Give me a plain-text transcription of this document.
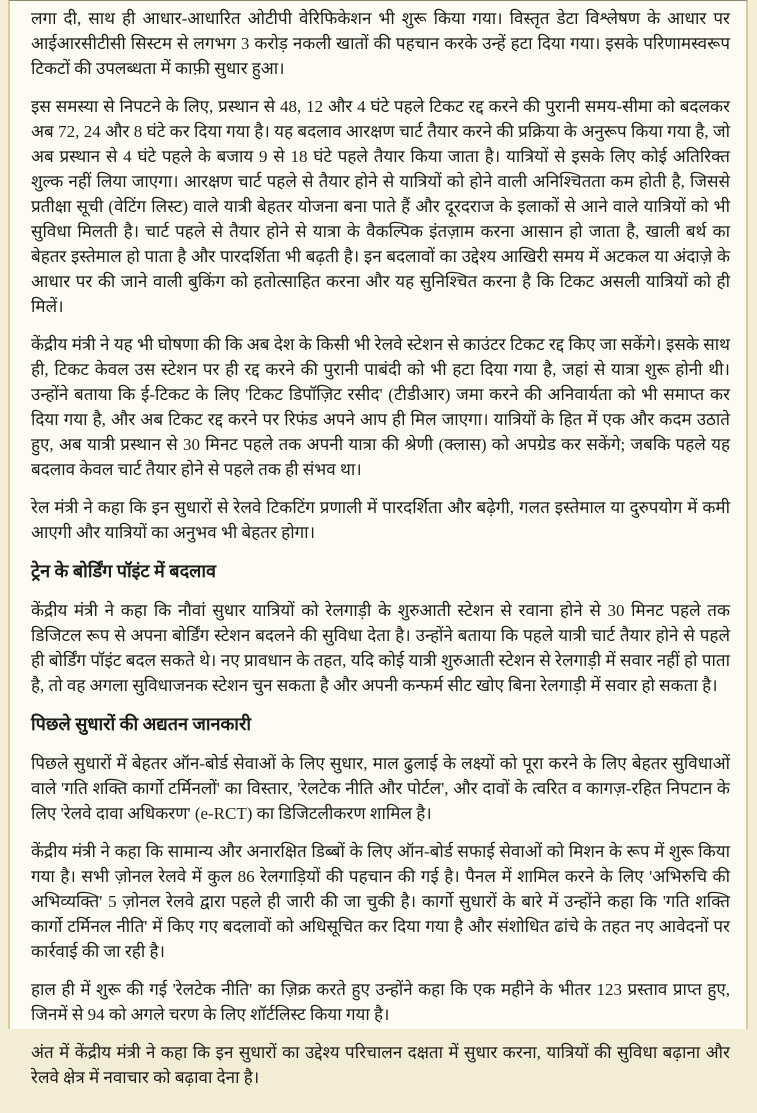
लगा दी, साथ ही आधार-आधारित ओटीपी वेरिफिकेशन भी शुरू किया गया। विस्तृत डेटा विश्लेषण के आधार पर आईआरसीटीसी सिस्टम से लगभग 3 करोड़ नकली खातों की पहचान करके उन्हें हटा दिया गया। इसके परिणामस्वरूप टिकटों की उपलब्धता में काफ़ी सुधार हुआ।

इस समस्या से निपटने के लिए, प्रस्थान से 48, 12 और 4 घंटे पहले टिकट रद्द करने की पुरानी समय-सीमा को बदलकर अब 72, 24 और 8 घंटे कर दिया गया है। यह बदलाव आरक्षण चार्ट तैयार करने की प्रक्रिया के अनुरूप किया गया है, जो अब प्रस्थान से 4 घंटे पहले के बजाय 9 से 18 घंटे पहले तैयार किया जाता है। यात्रियों से इसके लिए कोई अतिरिक्त शुल्क नहीं लिया जाएगा। आरक्षण चार्ट पहले से तैयार होने से यात्रियों को होने वाली अनिश्चितता कम होती है, जिससे प्रतीक्षा सूची (वेटिंग लिस्ट) वाले यात्री बेहतर योजना बना पाते हैं और दूरदराज के इलाकों से आने वाले यात्रियों को भी सुविधा मिलती है। चार्ट पहले से तैयार होने से यात्रा के वैकल्पिक इंतज़ाम करना आसान हो जाता है, खाली बर्थ का बेहतर इस्तेमाल हो पाता है और पारदर्शिता भी बढ़ती है। इन बदलावों का उद्देश्य आखिरी समय में अटकल या अंदाज़े के आधार पर की जाने वाली बुकिंग को हतोत्साहित करना और यह सुनिश्चित करना है कि टिकट असली यात्रियों को ही मिलें।

केंद्रीय मंत्री ने यह भी घोषणा की कि अब देश के किसी भी रेलवे स्टेशन से काउंटर टिकट रद्द किए जा सकेंगे। इसके साथ ही, टिकट केवल उस स्टेशन पर ही रद्द करने की पुरानी पाबंदी को भी हटा दिया गया है, जहां से यात्रा शुरू होनी थी। उन्होंने बताया कि ई-टिकट के लिए 'टिकट डिपॉज़िट रसीद' (टीडीआर) जमा करने की अनिवार्यता को भी समाप्त कर दिया गया है, और अब टिकट रद्द करने पर रिफंड अपने आप ही मिल जाएगा। यात्रियों के हित में एक और कदम उठाते हुए, अब यात्री प्रस्थान से 30 मिनट पहले तक अपनी यात्रा की श्रेणी (क्लास) को अपग्रेड कर सकेंगे; जबकि पहले यह बदलाव केवल चार्ट तैयार होने से पहले तक ही संभव था।

रेल मंत्री ने कहा कि इन सुधारों से रेलवे टिकटिंग प्रणाली में पारदर्शिता और बढ़ेगी, गलत इस्तेमाल या दुरुपयोग में कमी आएगी और यात्रियों का अनुभव भी बेहतर होगा।

ट्रेन के बोर्डिंग पॉइंट में बदलाव

केंद्रीय मंत्री ने कहा कि नौवां सुधार यात्रियों को रेलगाड़ी के शुरुआती स्टेशन से रवाना होने से 30 मिनट पहले तक डिजिटल रूप से अपना बोर्डिंग स्टेशन बदलने की सुविधा देता है। उन्होंने बताया कि पहले यात्री चार्ट तैयार होने से पहले ही बोर्डिंग पॉइंट बदल सकते थे। नए प्रावधान के तहत, यदि कोई यात्री शुरुआती स्टेशन से रेलगाड़ी में सवार नहीं हो पाता है, तो वह अगला सुविधाजनक स्टेशन चुन सकता है और अपनी कन्फर्म सीट खोए बिना रेलगाड़ी में सवार हो सकता है।

पिछले सुधारों की अद्यतन जानकारी

पिछले सुधारों में बेहतर ऑन-बोर्ड सेवाओं के लिए सुधार, माल ढुलाई के लक्ष्यों को पूरा करने के लिए बेहतर सुविधाओं वाले 'गति शक्ति कार्गो टर्मिनलों' का विस्तार, 'रेलटेक नीति और पोर्टल', और दावों के त्वरित व कागज़-रहित निपटान के लिए 'रेलवे दावा अधिकरण' (e-RCT) का डिजिटलीकरण शामिल है।

केंद्रीय मंत्री ने कहा कि सामान्य और अनारक्षित डिब्बों के लिए ऑन-बोर्ड सफाई सेवाओं को मिशन के रूप में शुरू किया गया है। सभी ज़ोनल रेलवे में कुल 86 रेलगाड़ियों की पहचान की गई है। पैनल में शामिल करने के लिए 'अभिरुचि की अभिव्यक्ति' 5 ज़ोनल रेलवे द्वारा पहले ही जारी की जा चुकी है। कार्गो सुधारों के बारे में उन्होंने कहा कि 'गति शक्ति कार्गो टर्मिनल नीति' में किए गए बदलावों को अधिसूचित कर दिया गया है और संशोधित ढांचे के तहत नए आवेदनों पर कार्रवाई की जा रही है।

हाल ही में शुरू की गई 'रेलटेक नीति' का ज़िक्र करते हुए उन्होंने कहा कि एक महीने के भीतर 123 प्रस्ताव प्राप्त हुए, जिनमें से 94 को अगले चरण के लिए शॉर्टलिस्ट किया गया है।

अंत में केंद्रीय मंत्री ने कहा कि इन सुधारों का उद्देश्य परिचालन दक्षता में सुधार करना, यात्रियों की सुविधा बढ़ाना और रेलवे क्षेत्र में नवाचार को बढ़ावा देना है।
